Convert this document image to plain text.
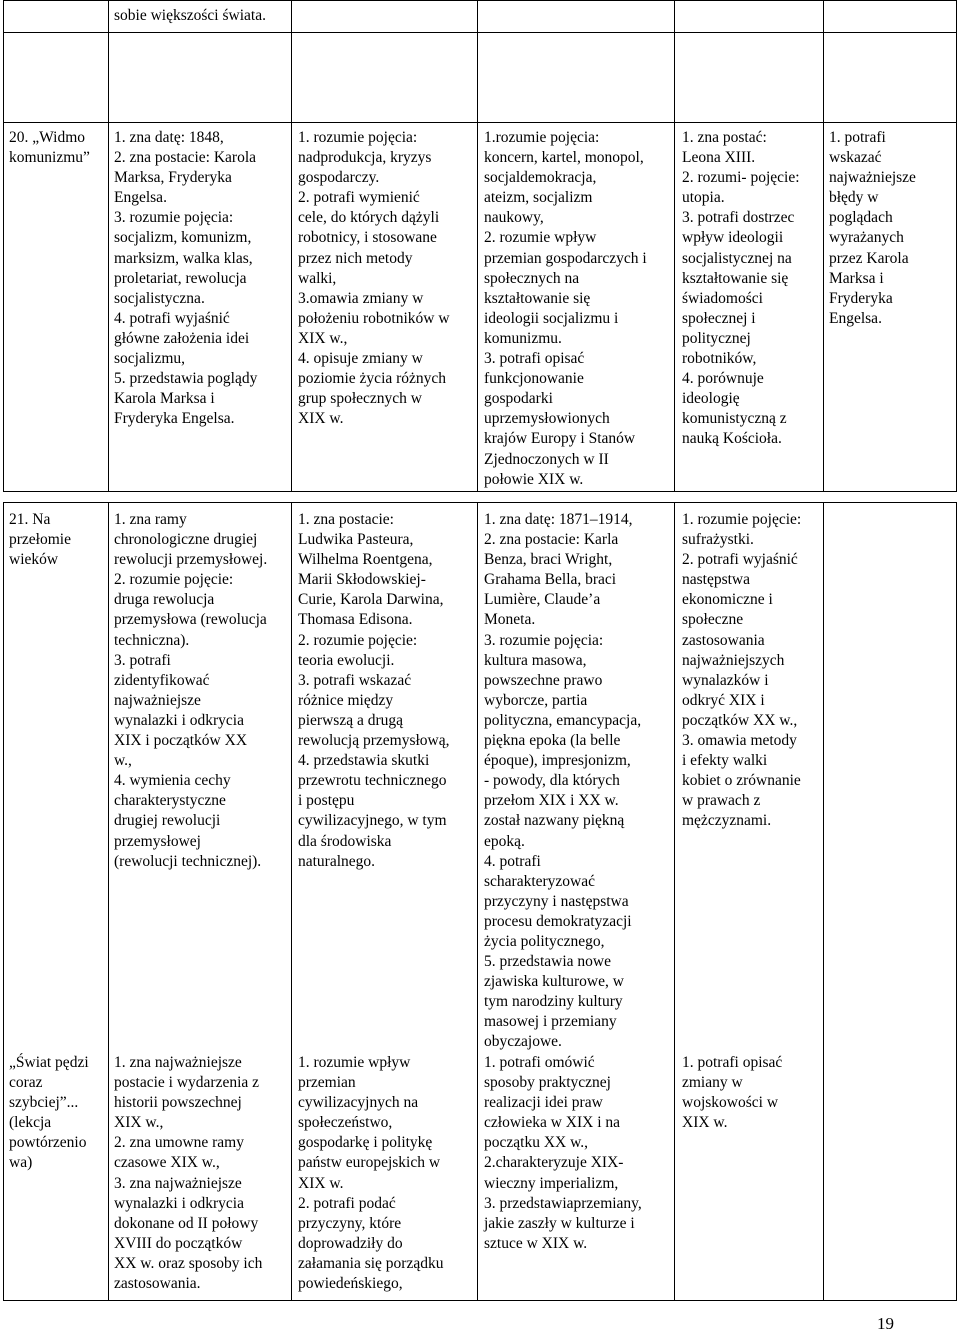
sobie większości świata.
20. „Widmo
komunizmu”
1. zna datę: 1848,
2. zna postacie: Karola
Marksa, Fryderyka
Engelsa.
3. rozumie pojęcia:
socjalizm, komunizm,
marksizm, walka klas,
proletariat, rewolucja
socjalistyczna.
4. potrafi wyjaśnić
główne założenia idei
socjalizmu,
5. przedstawia poglądy
Karola Marksa i
Fryderyka Engelsa.
1. rozumie pojęcia:
nadprodukcja, kryzys
gospodarczy.
2. potrafi wymienić
cele, do których dążyli
robotnicy, i stosowane
przez nich metody
walki,
3.omawia zmiany w
położeniu robotników w
XIX w.,
4. opisuje zmiany w
poziomie życia różnych
grup społecznych w
XIX w.
1.rozumie pojęcia:
koncern, kartel, monopol,
socjaldemokracja,
ateizm, socjalizm
naukowy,
2. rozumie wpływ
przemian gospodarczych i
społecznych na
kształtowanie się
ideologii socjalizmu i
komunizmu.
3. potrafi opisać
funkcjonowanie
gospodarki
uprzemysłowionych
krajów Europy i Stanów
Zjednoczonych w II
połowie XIX w.
1. zna postać:
Leona XIII.
2. rozumi- pojęcie:
utopia.
3. potrafi dostrzec
wpływ ideologii
socjalistycznej na
kształtowanie się
świadomości
społecznej i
politycznej
robotników,
4. porównuje
ideologię
komunistyczną z
nauką Kościoła.
1. potrafi
wskazać
najważniejsze
błędy w
poglądach
wyrażanych
przez Karola
Marksa i
Fryderyka
Engelsa.
21. Na
przełomie
wieków
1. zna ramy
chronologiczne drugiej
rewolucji przemysłowej.
2. rozumie pojęcie:
druga rewolucja
przemysłowa (rewolucja
techniczna).
3. potrafi
zidentyfikować
najważniejsze
wynalazki i odkrycia
XIX i początków XX
w.,
4. wymienia cechy
charakterystyczne
drugiej rewolucji
przemysłowej
(rewolucji technicznej).
1. zna postacie:
Ludwika Pasteura,
Wilhelma Roentgena,
Marii Skłodowskiej-
Curie, Karola Darwina,
Thomasa Edisona.
2. rozumie pojęcie:
teoria ewolucji.
3. potrafi wskazać
różnice między
pierwszą a drugą
rewolucją przemysłową,
4. przedstawia skutki
przewrotu technicznego
i postępu
cywilizacyjnego, w tym
dla środowiska
naturalnego.
1. zna datę: 1871–1914,
2. zna postacie: Karla
Benza, braci Wright,
Grahama Bella, braci
Lumière, Claude’a
Moneta.
3. rozumie pojęcia:
kultura masowa,
powszechne prawo
wyborcze, partia
polityczna, emancypacja,
piękna epoka (la belle
époque), impresjonizm,
- powody, dla których
przełom XIX i XX w.
został nazwany piękną
epoką.
4. potrafi
scharakteryzować
przyczyny i następstwa
procesu demokratyzacji
życia politycznego,
5. przedstawia nowe
zjawiska kulturowe, w
tym narodziny kultury
masowej i przemiany
obyczajowe.
1. rozumie pojęcie:
sufrażystki.
2. potrafi wyjaśnić
następstwa
ekonomiczne i
społeczne
zastosowania
najważniejszych
wynalazków i
odkryć XIX i
początków XX w.,
3. omawia metody
i efekty walki
kobiet o zrównanie
w prawach z
mężczyznami.
„Świat pędzi
coraz
szybciej”...
(lekcja
powtórzenio
wa)
1. zna najważniejsze
postacie i wydarzenia z
historii powszechnej
XIX w.,
2. zna umowne ramy
czasowe XIX w.,
3. zna najważniejsze
wynalazki i odkrycia
dokonane od II połowy
XVIII do początków
XX w. oraz sposoby ich
zastosowania.
1. rozumie wpływ
przemian
cywilizacyjnych na
społeczeństwo,
gospodarkę i politykę
państw europejskich w
XIX w.
2. potrafi podać
przyczyny, które
doprowadziły do
załamania się porządku
powiedeńskiego,
1. potrafi omówić
sposoby praktycznej
realizacji idei praw
człowieka w XIX i na
początku XX w.,
2.charakteryzuje XIX-
wieczny imperializm,
3. przedstawiaprzemiany,
jakie zaszły w kulturze i
sztuce w XIX w.
1. potrafi opisać
zmiany w
wojskowości w
XIX w.
19
